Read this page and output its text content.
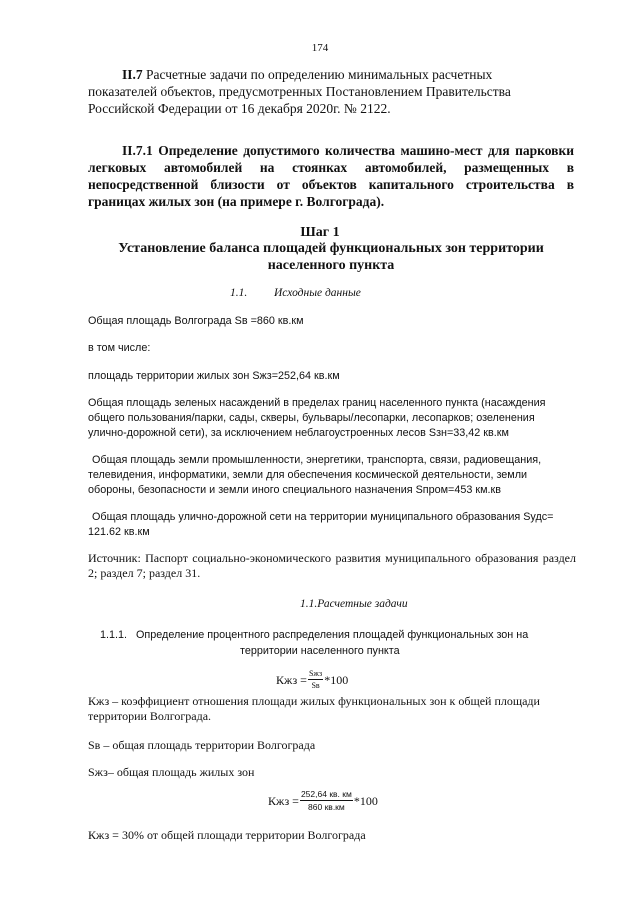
174
II.7 Расчетные задачи по определению минимальных расчетных показателей объектов, предусмотренных Постановлением Правительства Российской Федерации от 16 декабря 2020г. № 2122.
II.7.1 Определение допустимого количества машино-мест для парковки легковых автомобилей на стоянках автомобилей, размещенных в непосредственной близости от объектов капитального строительства в границах жилых зон (на примере г. Волгограда).
Шаг 1
Установление баланса площадей функциональных зон территории населенного пункта
1.1. Исходные данные
Общая площадь Волгограда Sв =860 кв.км
в том числе:
площадь территории жилых зон Sжз=252,64 кв.км
Общая площадь зеленых насаждений в пределах границ населенного пункта (насаждения общего пользования/парки, сады, скверы, бульвары/лесопарки, лесопарков; озеленения улично-дорожной сети), за исключением неблагоустроенных лесов Sзн=33,42 кв.км
Общая площадь земли промышленности, энергетики, транспорта, связи, радиовещания, телевидения, информатики, земли для обеспечения космической деятельности, земли обороны, безопасности и земли иного специального назначения Sпром=453 км.кв
Общая площадь улично-дорожной сети на территории муниципального образования Sудс= 121.62 кв.км
Источник: Паспорт социально-экономического развития муниципального образования раздел 2; раздел 7; раздел 31.
1.1.Расчетные задачи
1.1.1. Определение процентного распределения площадей функциональных зон на
территории населенного пункта
Кжз = $\frac{\text{Sжз}}{Sв} *100$
Кжз – коэффициент отношения площади жилых функциональных зон к общей площади территории Волгограда.
Sв – общая площадь территории Волгограда
Sжз– общая площадь жилых зон
Кжз = $\frac{252,64 кв. км}{860 кв.км} *100$
Кжз = 30% от общей площади территории Волгограда
